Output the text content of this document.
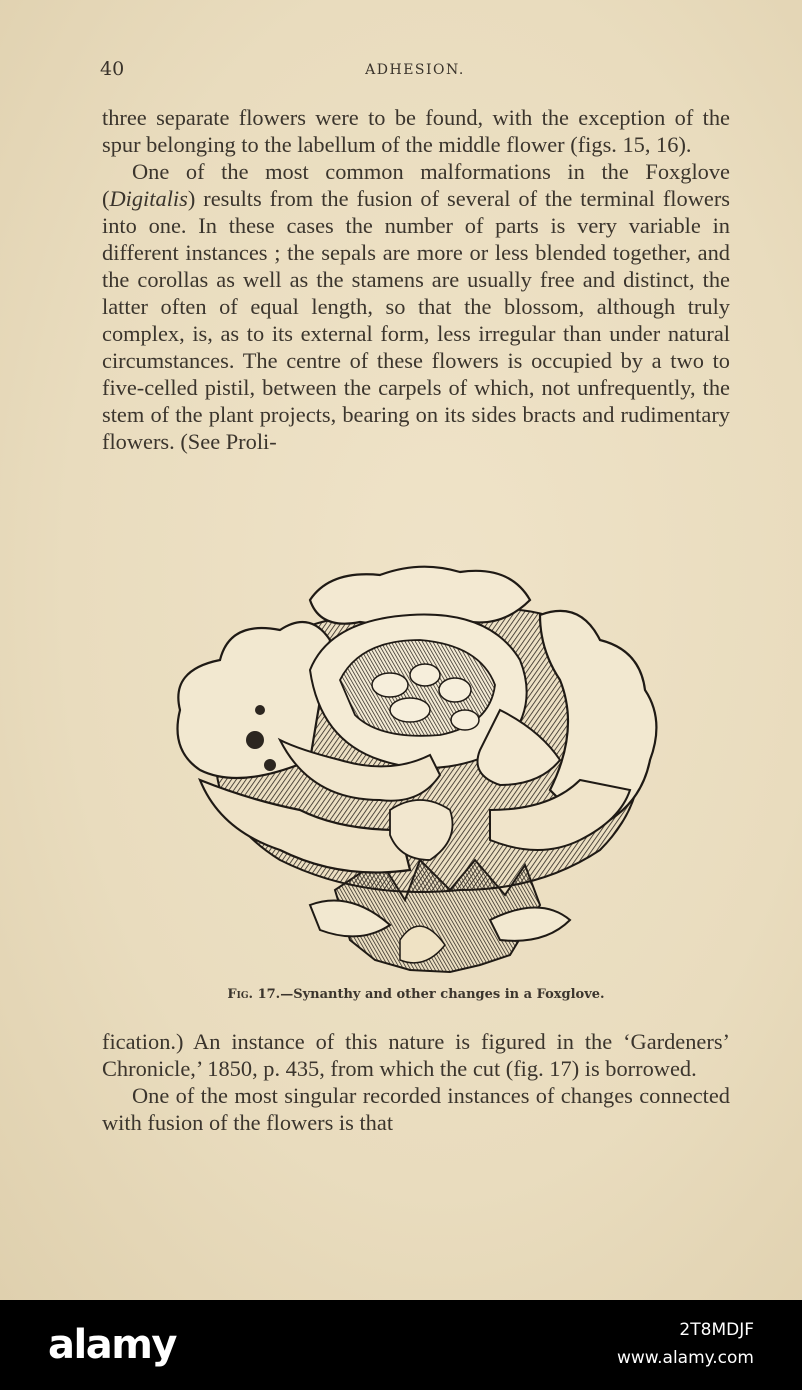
40	ADHESION.

three separate flowers were to be found, with the exception of the spur belonging to the labellum of the middle flower (figs. 15, 16).

One of the most common malformations in the Foxglove (Digitalis) results from the fusion of several of the terminal flowers into one. In these cases the number of parts is very variable in different instances ; the sepals are more or less blended together, and the corollas as well as the stamens are usually free and distinct, the latter often of equal length, so that the blossom, although truly complex, is, as to its external form, less irregular than under natural circumstances. The centre of these flowers is occupied by a two to five-celled pistil, between the carpels of which, not unfrequently, the stem of the plant projects, bearing on its sides bracts and rudimentary flowers. (See Proli-

Fig. 17.—Synanthy and other changes in a Foxglove.

fication.) An instance of this nature is figured in the ‘Gardeners’ Chronicle,’ 1850, p. 435, from which the cut (fig. 17) is borrowed.

One of the most singular recorded instances of changes connected with fusion of the flowers is that

alamy	2T8MDJF
www.alamy.com
